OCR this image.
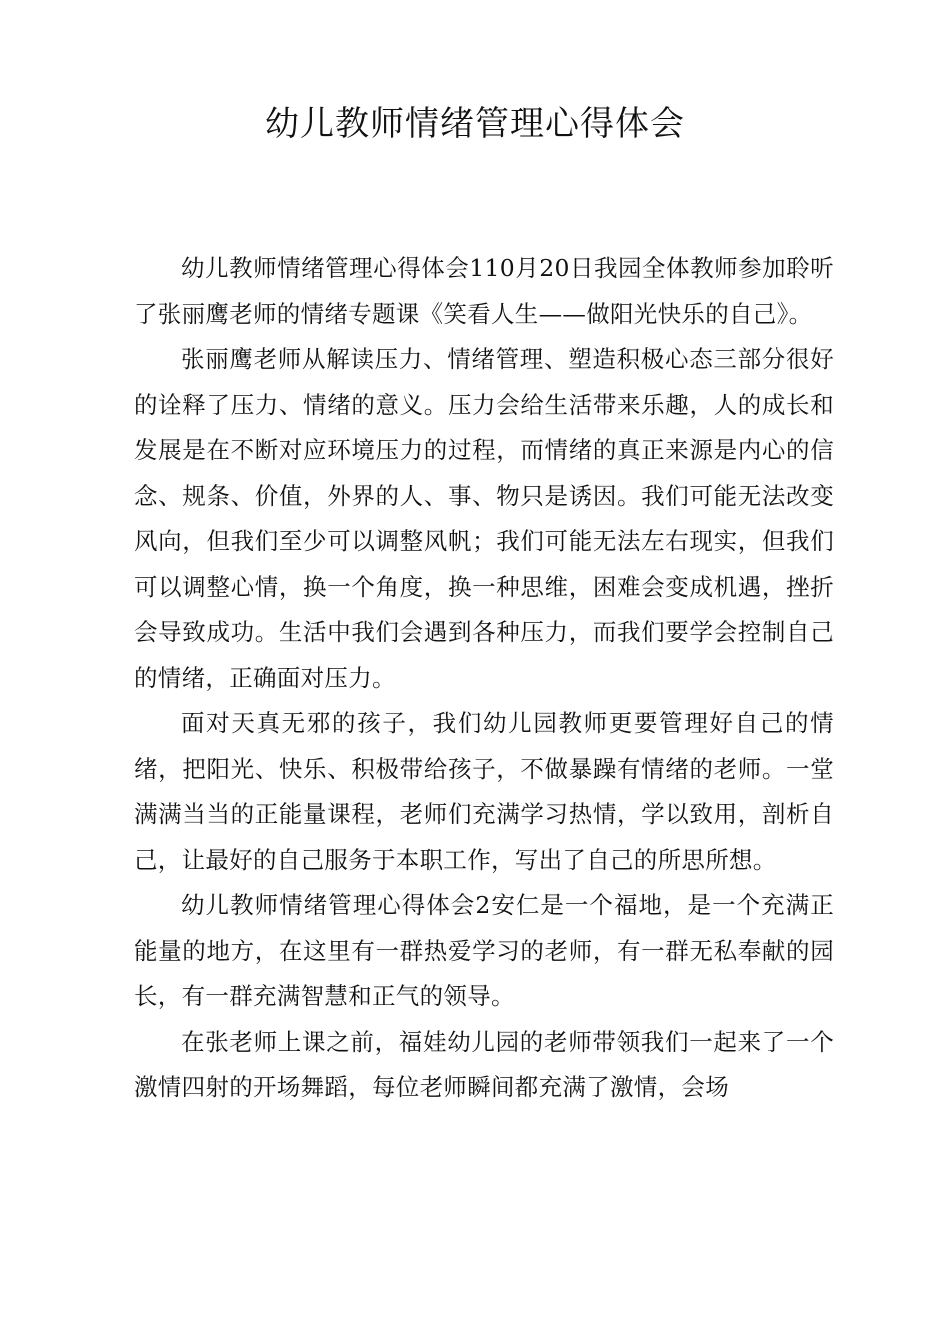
幼儿教师情绪管理心得体会

幼儿教师情绪管理心得体会110月20日我园全体教师参加聆听了张丽鹰老师的情绪专题课《笑看人生——做阳光快乐的自己》。

张丽鹰老师从解读压力、情绪管理、塑造积极心态三部分很好的诠释了压力、情绪的意义。压力会给生活带来乐趣，人的成长和发展是在不断对应环境压力的过程，而情绪的真正来源是内心的信念、规条、价值，外界的人、事、物只是诱因。我们可能无法改变风向，但我们至少可以调整风帆；我们可能无法左右现实，但我们可以调整心情，换一个角度，换一种思维，困难会变成机遇，挫折会导致成功。生活中我们会遇到各种压力，而我们要学会控制自己的情绪，正确面对压力。

面对天真无邪的孩子，我们幼儿园教师更要管理好自己的情绪，把阳光、快乐、积极带给孩子，不做暴躁有情绪的老师。一堂满满当当的正能量课程，老师们充满学习热情，学以致用，剖析自己，让最好的自己服务于本职工作，写出了自己的所思所想。

幼儿教师情绪管理心得体会2安仁是一个福地，是一个充满正能量的地方，在这里有一群热爱学习的老师，有一群无私奉献的园长，有一群充满智慧和正气的领导。

在张老师上课之前，福娃幼儿园的老师带领我们一起来了一个激情四射的开场舞蹈，每位老师瞬间都充满了激情，会场
